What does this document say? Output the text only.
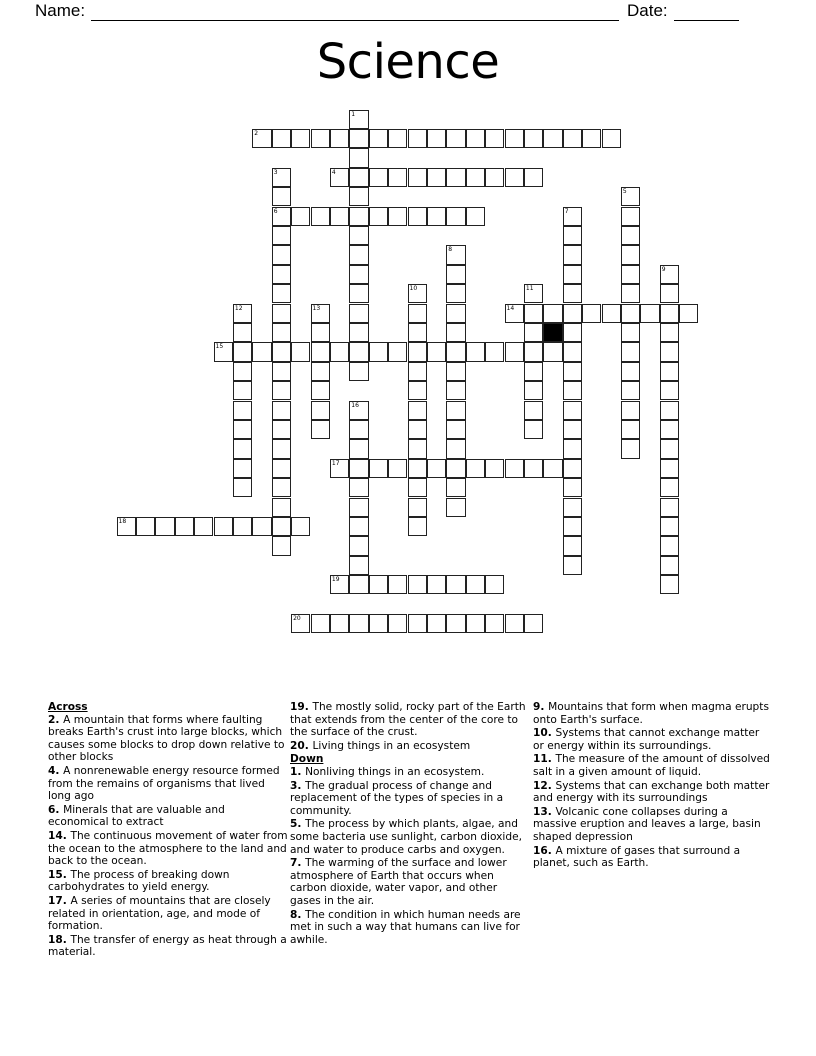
Name:	Date:
Science
1
2
3
6
4
5
7
8
9
10	11
12	13	14
15
16
17
18
19
20
Across
2. A mountain that forms where faulting breaks Earth's crust into large blocks, which causes some blocks to drop down relative to other blocks
4. A nonrenewable energy resource formed from the remains of organisms that lived long ago
6. Minerals that are valuable and economical to extract
14. The continuous movement of water from the ocean to the atmosphere to the land and back to the ocean.
15. The process of breaking down carbohydrates to yield energy.
17. A series of mountains that are closely related in orientation, age, and mode of formation.
18. The transfer of energy as heat through a material.
19. The mostly solid, rocky part of the Earth that extends from the center of the core to the surface of the crust.
20. Living things in an ecosystem
Down
1. Nonliving things in an ecosystem.
3. The gradual process of change and replacement of the types of species in a community.
5. The process by which plants, algae, and some bacteria use sunlight, carbon dioxide, and water to produce carbs and oxygen.
7. The warming of the surface and lower atmosphere of Earth that occurs when carbon dioxide, water vapor, and other gases in the air.
8. The condition in which human needs are met in such a way that humans can live for awhile.
9. Mountains that form when magma erupts onto Earth's surface.
10. Systems that cannot exchange matter or energy within its surroundings.
11. The measure of the amount of dissolved salt in a given amount of liquid.
12. Systems that can exchange both matter and energy with its surroundings
13. Volcanic cone collapses during a massive eruption and leaves a large, basin shaped depression
16. A mixture of gases that surround a planet, such as Earth.
